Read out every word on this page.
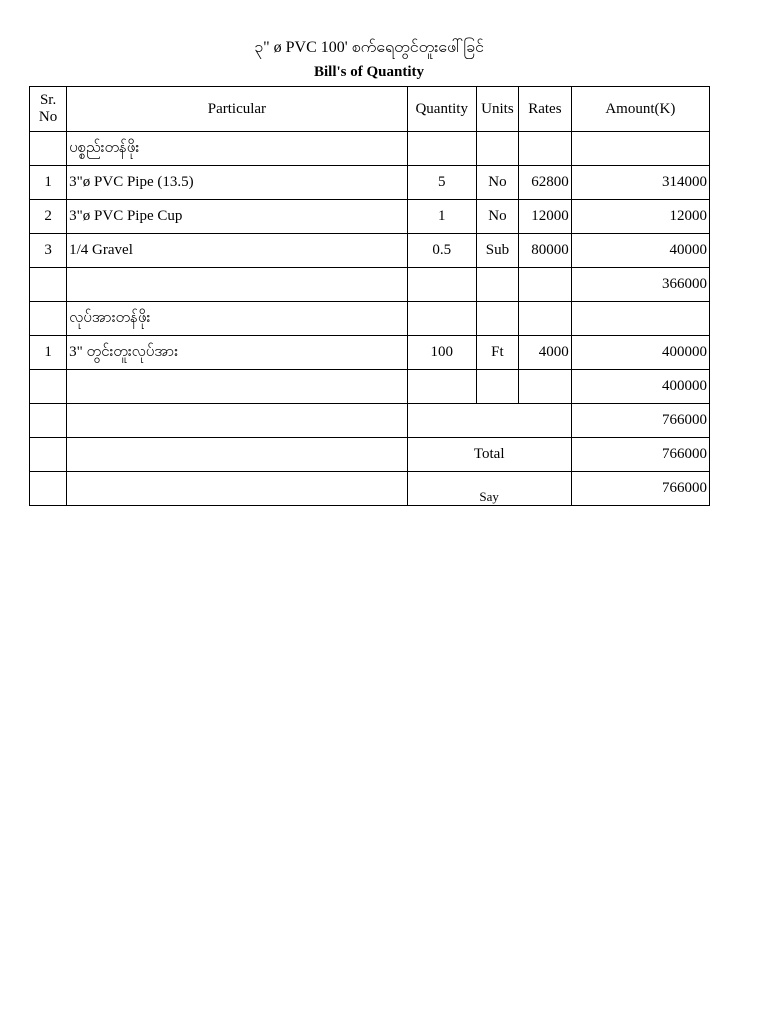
၃" ø PVC 100' စက်ရေတွင်တူးဖေါ်ခြင်
Bill's of Quantity
Sr. No	Particular	Quantity	Units	Rates	Amount(K)
	ပစ္စည်းတန်ဖိုး				
1	3"ø PVC Pipe (13.5)	5	No	62800	314000
2	3"ø PVC Pipe Cup	1	No	12000	12000
3	1/4 Gravel	0.5	Sub	80000	40000
					366000
	လုပ်အားတန်ဖိုး				
1	3" တွင်းတူးလုပ်အား	100	Ft	4000	400000
					400000
					766000
		Total			766000
		Say			766000
